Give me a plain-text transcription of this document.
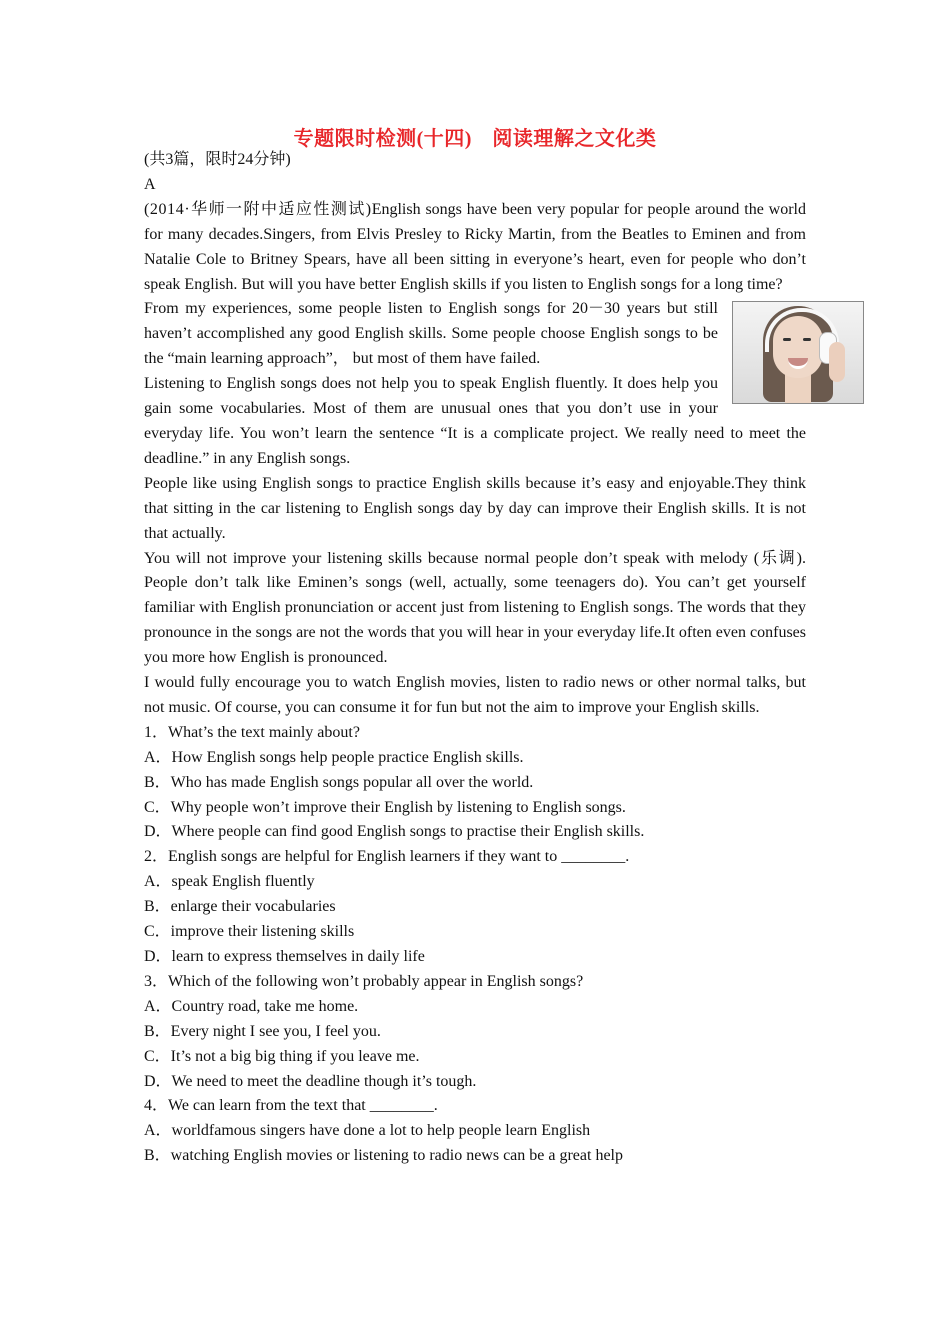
专题限时检测(十四)　阅读理解之文化类

(共3篇，限时24分钟)

A

(2014·华师一附中适应性测试)English songs have been very popular for people around the world for many decades.Singers, from Elvis Presley to Ricky Martin, from the Beatles to Eminen and from Natalie Cole to Britney Spears, have all been sitting in everyone’s heart, even for people who don’t speak English. But will you have better English skills if you listen to English songs for a long time?

From my experiences, some people listen to English songs for 20－30 years but still haven’t accomplished any good English skills. Some people choose English songs to be the “main learning approach”， but most of them have failed.

Listening to English songs does not help you to speak English fluently. It does help you gain some vocabularies. Most of them are unusual ones that you don’t use in your everyday life. You won’t learn the sentence “It is a complicate project. We really need to meet the deadline.” in any English songs.

People like using English songs to practice English skills because it’s easy and enjoyable.They think that sitting in the car listening to English songs day by day can improve their English skills. It is not that actually.

You will not improve your listening skills because normal people don’t speak with melody (乐调). People don’t talk like Eminen’s songs (well, actually, some teenagers do). You can’t get yourself familiar with English pronunciation or accent just from listening to English songs. The words that they pronounce in the songs are not the words that you will hear in your everyday life.It often even confuses you more how English is pronounced.

I would fully encourage you to watch English movies, listen to radio news or other normal talks, but not music. Of course, you can consume it for fun but not the aim to improve your English skills.

1．What’s the text mainly about?

A．How English songs help people practice English skills.

B．Who has made English songs popular all over the world.

C．Why people won’t improve their English by listening to English songs.

D．Where people can find good English songs to practise their English skills.

2．English songs are helpful for English learners if they want to ________.

A．speak English fluently

B．enlarge their vocabularies

C．improve their listening skills

D．learn to express themselves in daily life

3．Which of the following won’t probably appear in English songs?

A．Country road, take me home.

B．Every night I see you, I feel you.

C．It’s not a big big thing if you leave me.

D．We need to meet the deadline though it’s tough.

4．We can learn from the text that ________.

A．worldfamous singers have done a lot to help people learn English

B．watching English movies or listening to radio news can be a great help
